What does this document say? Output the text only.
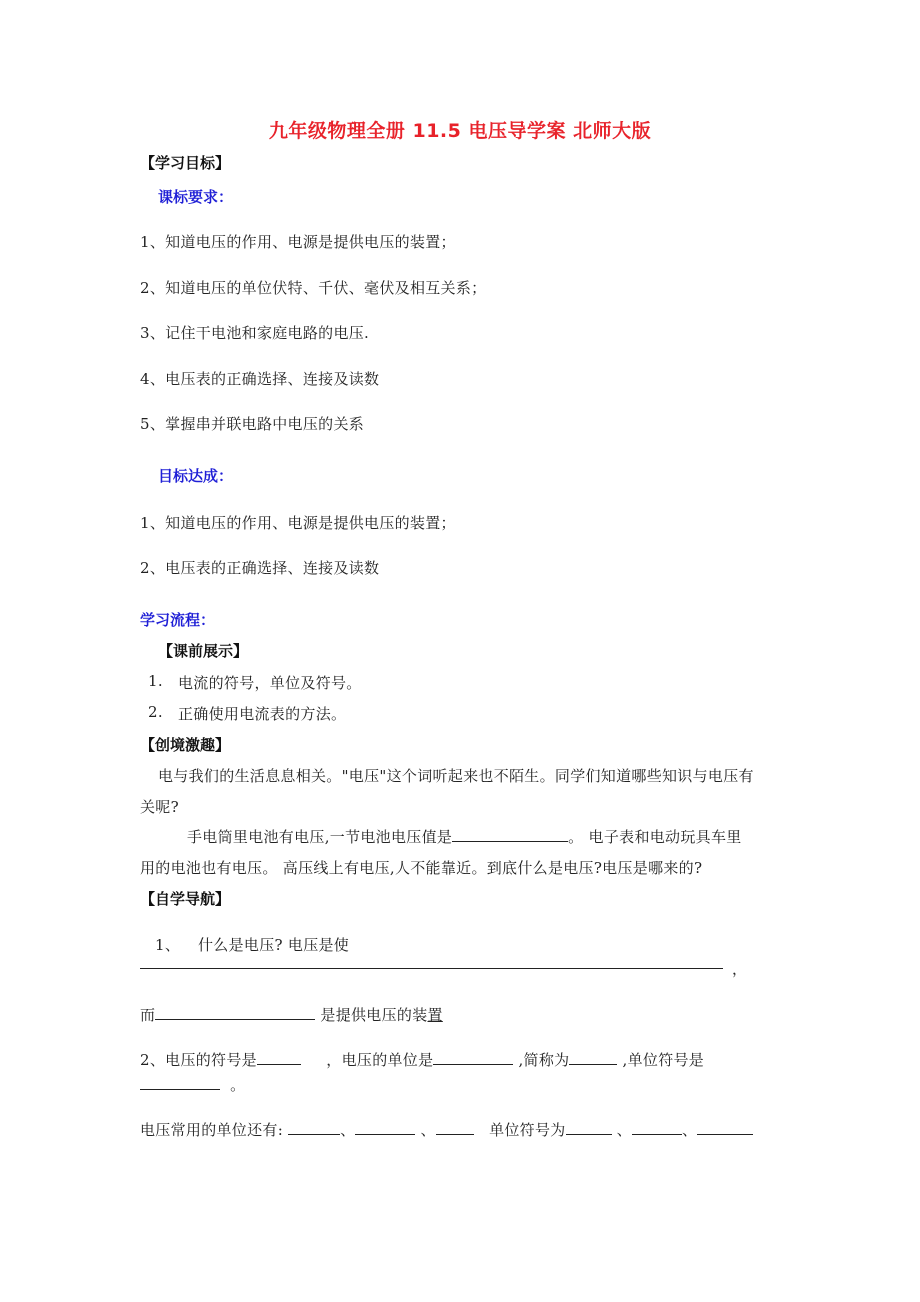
九年级物理全册 11.5 电压导学案 北师大版
【学习目标】
课标要求：
1、知道电压的作用、电源是提供电压的装置；
2、知道电压的单位伏特、千伏、毫伏及相互关系；
3、记住干电池和家庭电路的电压.
4、电压表的正确选择、连接及读数
5、掌握串并联电路中电压的关系
目标达成：
1、知道电压的作用、电源是提供电压的装置；
2、电压表的正确选择、连接及读数
学习流程：
【课前展示】
1. 电流的符号，单位及符号。
2. 正确使用电流表的方法。
【创境激趣】
电与我们的生活息息相关。"电压"这个词听起来也不陌生。同学们知道哪些知识与电压有
关呢?
手电筒里电池有电压,一节电池电压值是	。 电子表和电动玩具车里
用的电池也有电压。 高压线上有电压,人不能靠近。到底什么是电压?电压是哪来的?
【自学导航】
1、 什么是电压? 电压是使
，
而	是提供电压的装置
2、电压的符号是	，电压的单位是	,简称为	,单位符号是
。
电压常用的单位还有:	、	、	单位符号为	、	、
